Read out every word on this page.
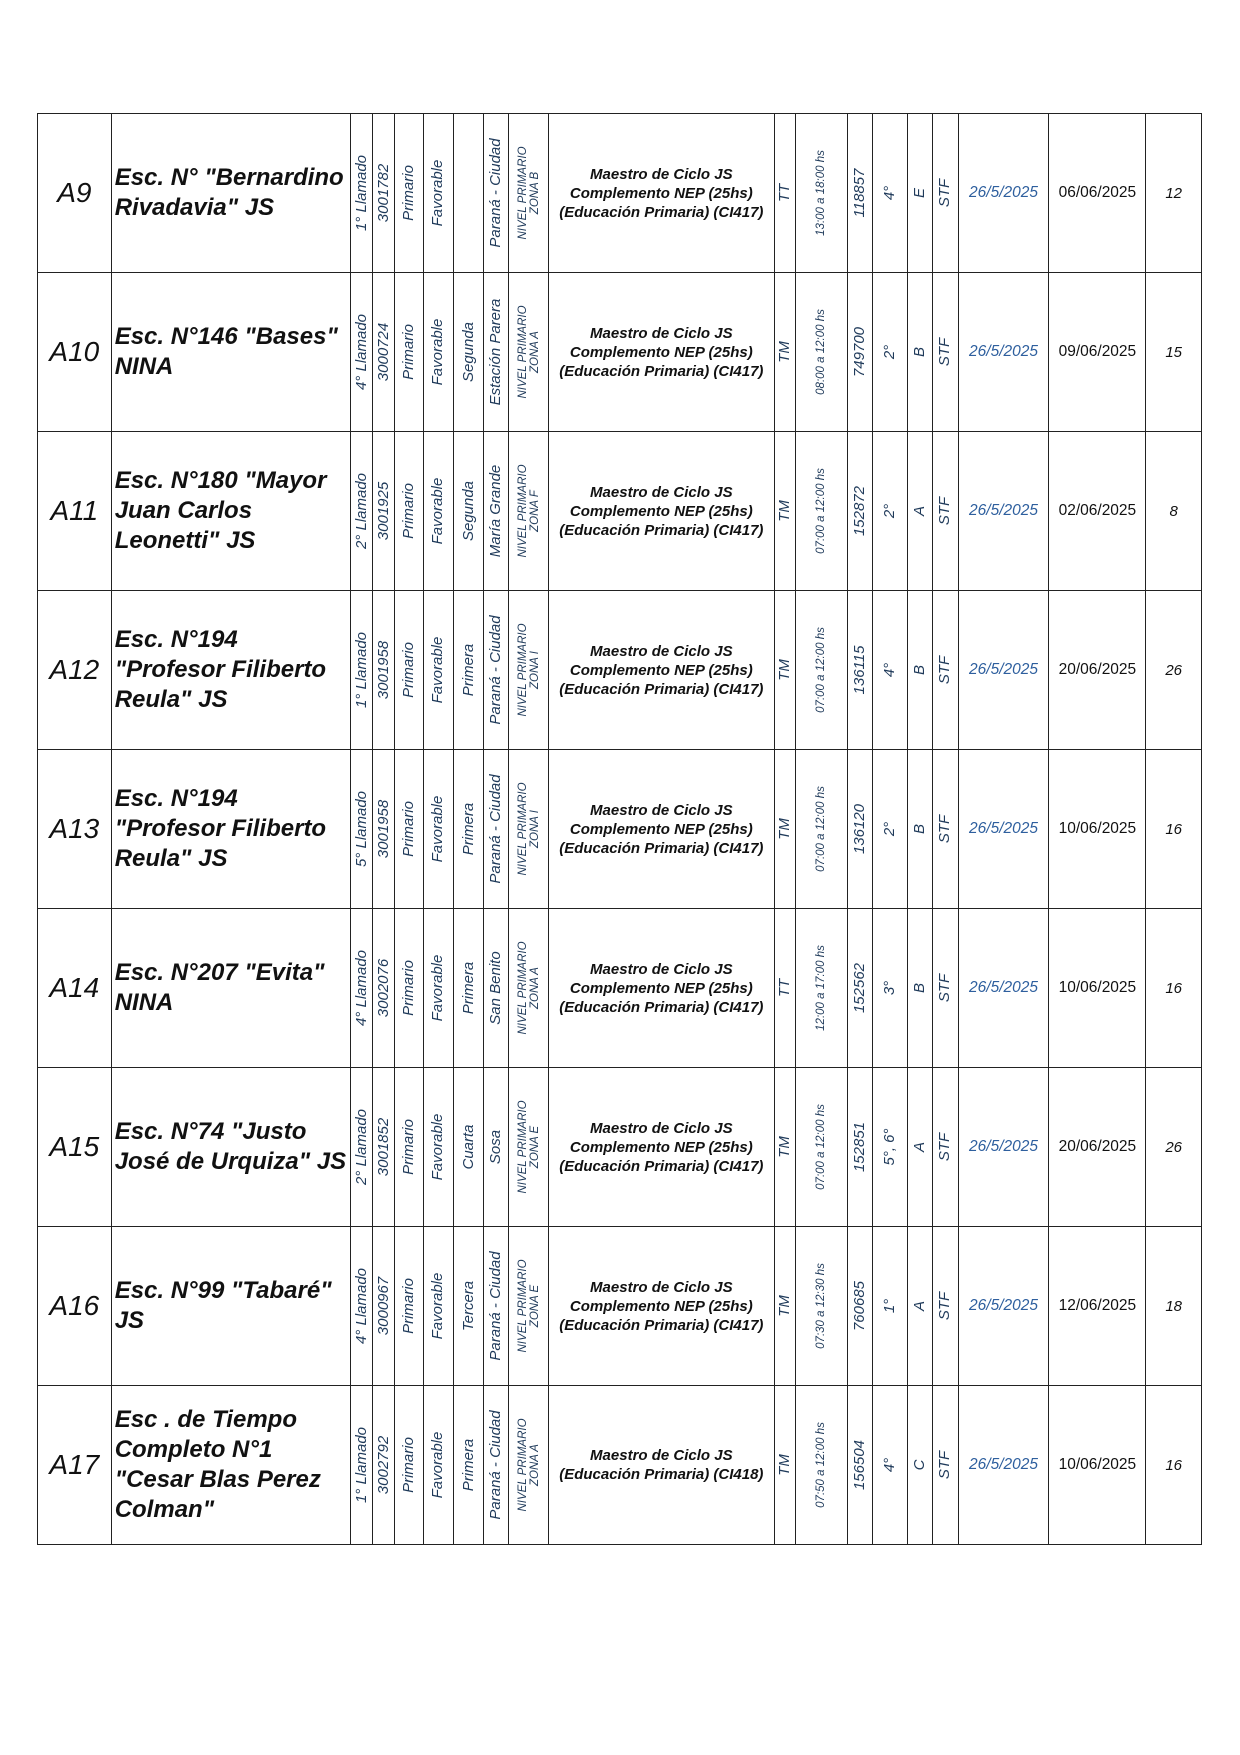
A9	Esc. N° "Bernardino Rivadavia" JS	1° Llamado	3001782	Primario	Favorable		Paraná - Ciudad	NIVEL PRIMARIO ZONA B	Maestro de Ciclo JS Complemento NEP (25hs) (Educación Primaria) (CI417)	TT	13:00 a 18:00 hs	118857	4°	E	STF	26/5/2025	06/06/2025	12
A10	Esc. N°146 "Bases" NINA	4° Llamado	3000724	Primario	Favorable	Segunda	Estación Parera	NIVEL PRIMARIO ZONA A	Maestro de Ciclo JS Complemento NEP (25hs) (Educación Primaria) (CI417)	TM	08:00 a 12:00 hs	749700	2°	B	STF	26/5/2025	09/06/2025	15
A11	Esc. N°180 "Mayor Juan Carlos Leonetti" JS	2° Llamado	3001925	Primario	Favorable	Segunda	María Grande	NIVEL PRIMARIO ZONA F	Maestro de Ciclo JS Complemento NEP (25hs) (Educación Primaria) (CI417)	TM	07:00 a 12:00 hs	152872	2°	A	STF	26/5/2025	02/06/2025	8
A12	Esc. N°194 "Profesor Filiberto Reula" JS	1° Llamado	3001958	Primario	Favorable	Primera	Paraná - Ciudad	NIVEL PRIMARIO ZONA I	Maestro de Ciclo JS Complemento NEP (25hs) (Educación Primaria) (CI417)	TM	07:00 a 12:00 hs	136115	4°	B	STF	26/5/2025	20/06/2025	26
A13	Esc. N°194 "Profesor Filiberto Reula" JS	5° Llamado	3001958	Primario	Favorable	Primera	Paraná - Ciudad	NIVEL PRIMARIO ZONA I	Maestro de Ciclo JS Complemento NEP (25hs) (Educación Primaria) (CI417)	TM	07:00 a 12:00 hs	136120	2°	B	STF	26/5/2025	10/06/2025	16
A14	Esc. N°207 "Evita" NINA	4° Llamado	3002076	Primario	Favorable	Primera	San Benito	NIVEL PRIMARIO ZONA A	Maestro de Ciclo JS Complemento NEP (25hs) (Educación Primaria) (CI417)	TT	12:00 a 17:00 hs	152562	3°	B	STF	26/5/2025	10/06/2025	16
A15	Esc. N°74 "Justo José de Urquiza" JS	2° Llamado	3001852	Primario	Favorable	Cuarta	Sosa	NIVEL PRIMARIO ZONA E	Maestro de Ciclo JS Complemento NEP (25hs) (Educación Primaria) (CI417)	TM	07:00 a 12:00 hs	152851	5°, 6°	A	STF	26/5/2025	20/06/2025	26
A16	Esc. N°99 "Tabaré" JS	4° Llamado	3000967	Primario	Favorable	Tercera	Paraná - Ciudad	NIVEL PRIMARIO ZONA E	Maestro de Ciclo JS Complemento NEP (25hs) (Educación Primaria) (CI417)	TM	07:30 a 12:30 hs	760685	1°	A	STF	26/5/2025	12/06/2025	18
A17	Esc . de Tiempo Completo N°1 "Cesar Blas Perez Colman"	1° Llamado	3002792	Primario	Favorable	Primera	Paraná - Ciudad	NIVEL PRIMARIO ZONA A	Maestro de Ciclo JS (Educación Primaria) (CI418)	TM	07:50 a 12:00 hs	156504	4°	C	STF	26/5/2025	10/06/2025	16
